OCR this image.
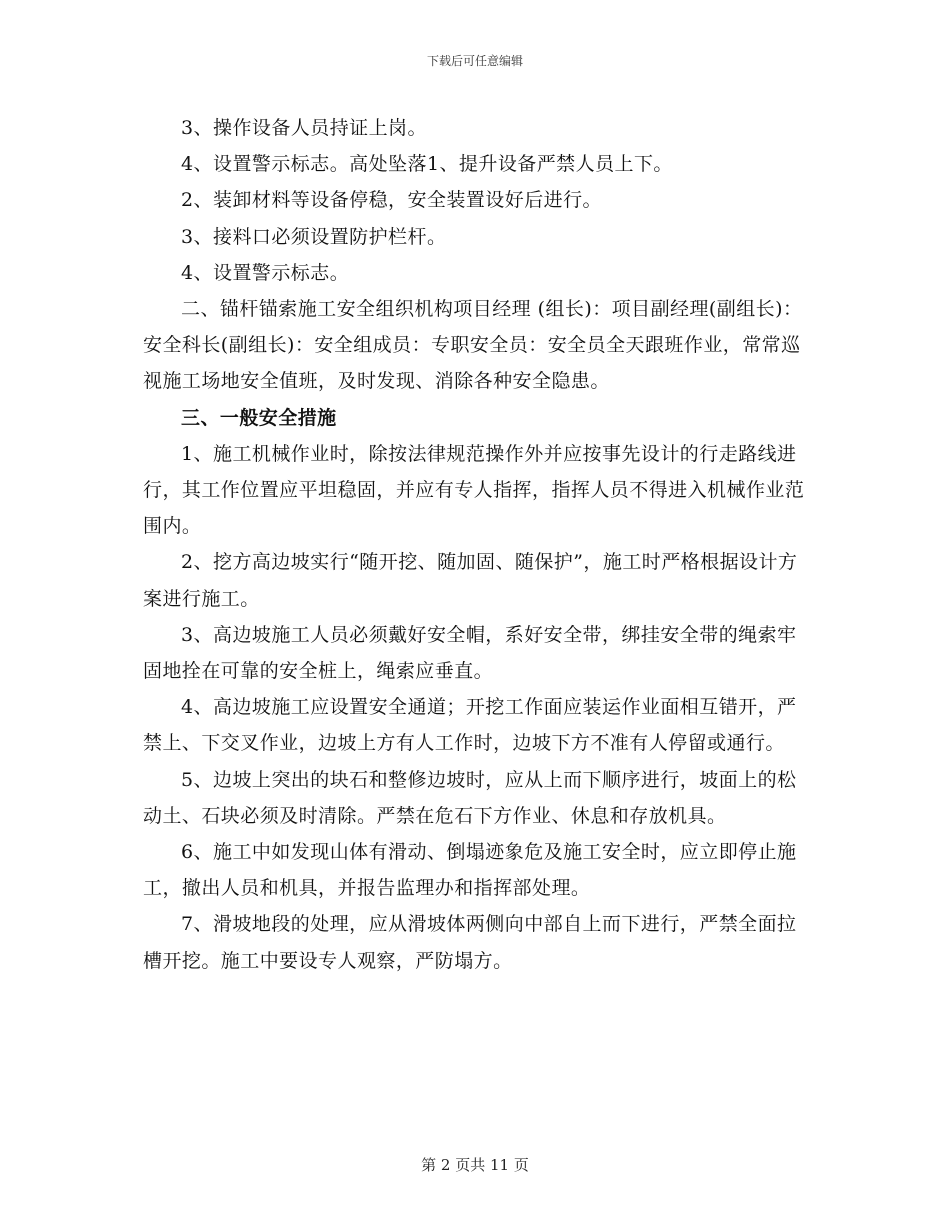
下载后可任意编辑

3、操作设备人员持证上岗。

4、设置警示标志。高处坠落1、提升设备严禁人员上下。

2、装卸材料等设备停稳，安全装置设好后进行。

3、接料口必须设置防护栏杆。

4、设置警示标志。

二、锚杆锚索施工安全组织机构项目经理 (组长)：项目副经理(副组长)：    安全科长(副组长)：安全组成员：专职安全员：安全员全天跟班作业，常常巡视施工场地安全值班，及时发现、消除各种安全隐患。

三、一般安全措施

1、施工机械作业时，除按法律规范操作外并应按事先设计的行走路线进行，其工作位置应平坦稳固，并应有专人指挥，指挥人员不得进入机械作业范围内。

2、挖方高边坡实行“随开挖、随加固、随保护”，施工时严格根据设计方案进行施工。

3、高边坡施工人员必须戴好安全帽，系好安全带，绑挂安全带的绳索牢固地拴在可靠的安全桩上，绳索应垂直。

4、高边坡施工应设置安全通道；开挖工作面应装运作业面相互错开，严禁上、下交叉作业，边坡上方有人工作时，边坡下方不准有人停留或通行。

5、边坡上突出的块石和整修边坡时，应从上而下顺序进行，坡面上的松动土、石块必须及时清除。严禁在危石下方作业、休息和存放机具。

6、施工中如发现山体有滑动、倒塌迹象危及施工安全时，应立即停止施工，撤出人员和机具，并报告监理办和指挥部处理。

7、滑坡地段的处理，应从滑坡体两侧向中部自上而下进行，严禁全面拉槽开挖。施工中要设专人观察，严防塌方。

第 2 页共 11 页
